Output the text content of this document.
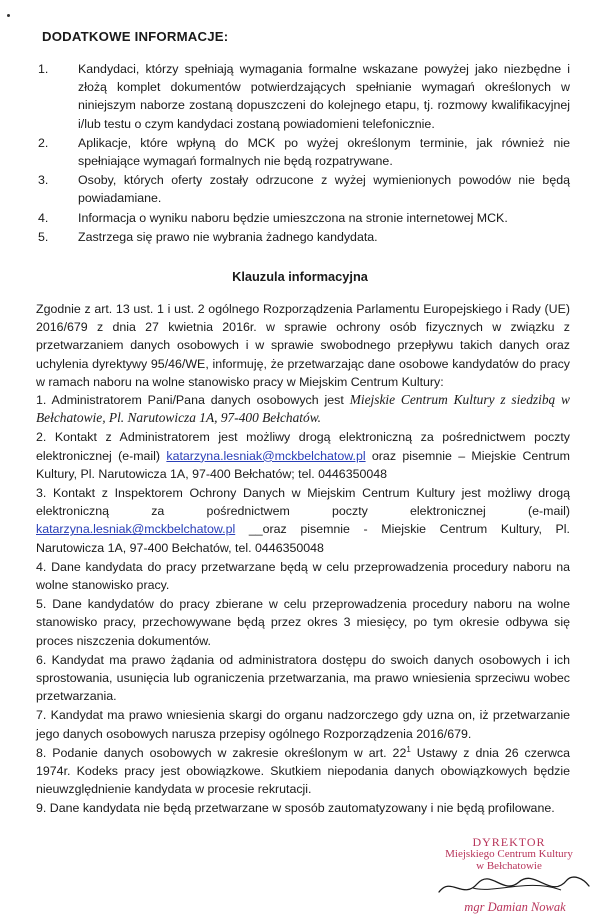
DODATKOWE INFORMACJE:
1. Kandydaci, którzy spełniają wymagania formalne wskazane powyżej jako niezbędne i złożą komplet dokumentów potwierdzających spełnianie wymagań określonych w niniejszym naborze zostaną dopuszczeni do kolejnego etapu, tj. rozmowy kwalifikacyjnej i/lub testu o czym kandydaci zostaną powiadomieni telefonicznie.
2. Aplikacje, które wpłyną do MCK po wyżej określonym terminie, jak również nie spełniające wymagań formalnych nie będą rozpatrywane.
3. Osoby, których oferty zostały odrzucone z wyżej wymienionych powodów nie będą powiadamiane.
4. Informacja o wyniku naboru będzie umieszczona na stronie internetowej MCK.
5. Zastrzega się prawo nie wybrania żadnego kandydata.
Klauzula informacyjna

Zgodnie z art. 13 ust. 1 i ust. 2 ogólnego Rozporządzenia Parlamentu Europejskiego i Rady (UE) 2016/679 z dnia 27 kwietnia 2016r. w sprawie ochrony osób fizycznych w związku z przetwarzaniem danych osobowych i w sprawie swobodnego przepływu takich danych oraz uchylenia dyrektywy 95/46/WE, informuję, że przetwarzając dane osobowe kandydatów do pracy w ramach naboru na wolne stanowisko pracy w Miejskim Centrum Kultury:

1. Administratorem Pani/Pana danych osobowych jest Miejskie Centrum Kultury z siedzibą w Bełchatowie, Pl. Narutowicza 1A, 97-400 Bełchatów.

2. Kontakt z Administratorem jest możliwy drogą elektroniczną za pośrednictwem poczty elektronicznej (e-mail) katarzyna.lesniak@mckbelchatow.pl oraz pisemnie – Miejskie Centrum Kultury, Pl. Narutowicza 1A, 97-400 Bełchatów; tel. 0446350048

3. Kontakt z Inspektorem Ochrony Danych w Miejskim Centrum Kultury jest możliwy drogą elektroniczną za pośrednictwem poczty elektronicznej (e-mail) katarzyna.lesniak@mckbelchatow.pl __oraz pisemnie - Miejskie Centrum Kultury, Pl. Narutowicza 1A, 97-400 Bełchatów, tel. 0446350048

4. Dane kandydata do pracy przetwarzane będą w celu przeprowadzenia procedury naboru na wolne stanowisko pracy.

5. Dane kandydatów do pracy zbierane w celu przeprowadzenia procedury naboru na wolne stanowisko pracy, przechowywane będą przez okres 3 miesięcy, po tym okresie odbywa się proces niszczenia dokumentów.

6. Kandydat ma prawo żądania od administratora dostępu do swoich danych osobowych i ich sprostowania, usunięcia lub ograniczenia przetwarzania, ma prawo wniesienia sprzeciwu wobec przetwarzania.

7. Kandydat ma prawo wniesienia skargi do organu nadzorczego gdy uzna on, iż przetwarzanie jego danych osobowych narusza przepisy ogólnego Rozporządzenia 2016/679.

8. Podanie danych osobowych w zakresie określonym w art. $22^1$ Ustawy z dnia 26 czerwca 1974r. Kodeks pracy jest obowiązkowe. Skutkiem niepodania danych obowiązkowych będzie nieuwzględnienie kandydata w procesie rekrutacji.

9. Dane kandydata nie będą przetwarzane w sposób zautomatyzowany i nie będą profilowane.

DYREKTOR
Miejskiego Centrum Kultury
w Bełchatowie
mgr Damian Nowak
